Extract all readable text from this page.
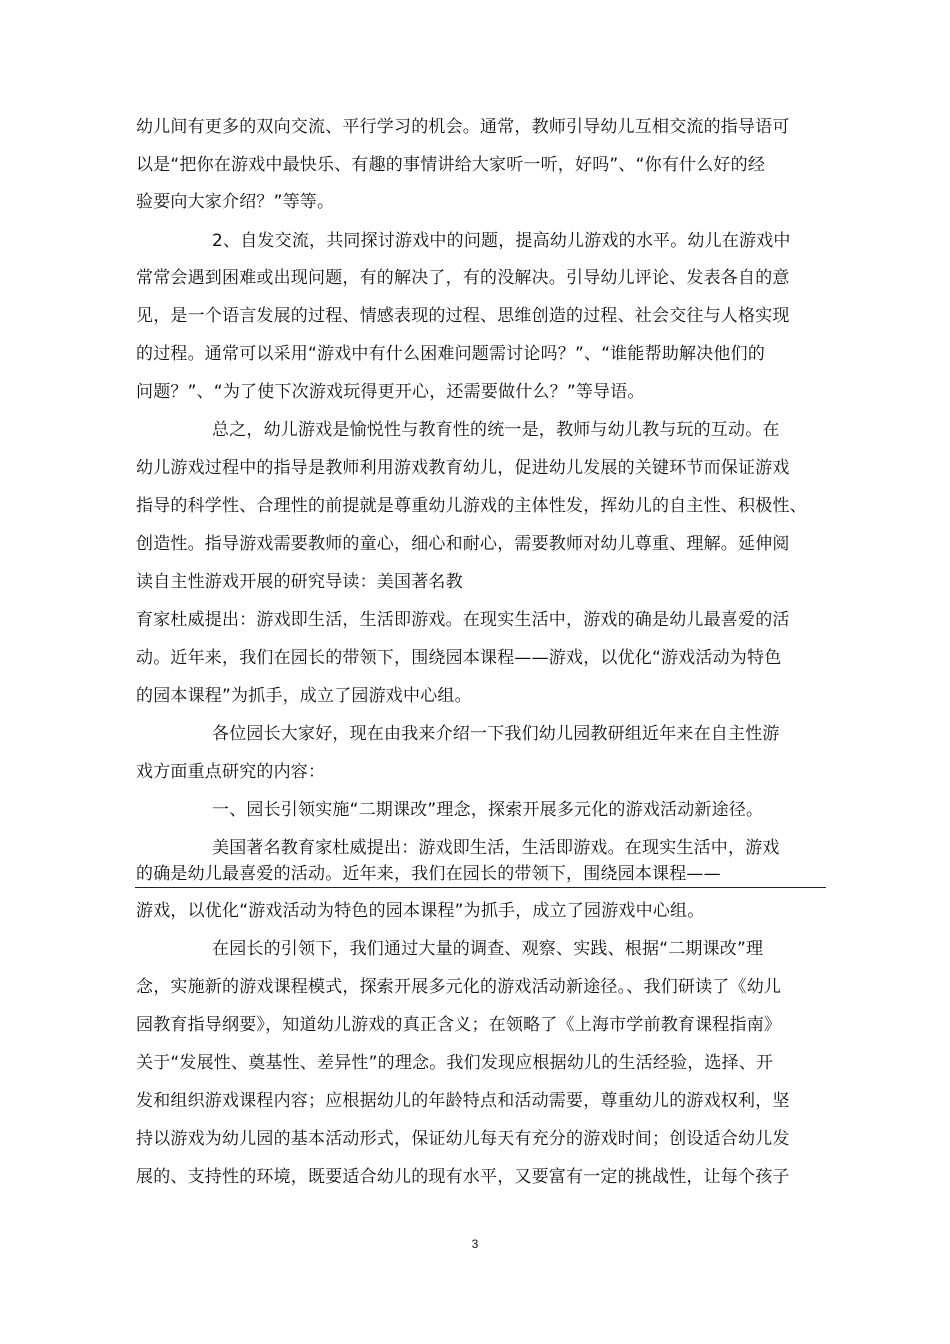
幼儿间有更多的双向交流、平行学习的机会。通常，教师引导幼儿互相交流的指导语可
以是“把你在游戏中最快乐、有趣的事情讲给大家听一听，好吗”、“你有什么好的经
验要向大家介绍？”等等。
2、自发交流，共同探讨游戏中的问题，提高幼儿游戏的水平。幼儿在游戏中
常常会遇到困难或出现问题，有的解决了，有的没解决。引导幼儿评论、发表各自的意
见，是一个语言发展的过程、情感表现的过程、思维创造的过程、社会交往与人格实现
的过程。通常可以采用“游戏中有什么困难问题需讨论吗？”、“谁能帮助解决他们的
问题？”、“为了使下次游戏玩得更开心，还需要做什么？”等导语。
总之，幼儿游戏是愉悦性与教育性的统一是，教师与幼儿教与玩的互动。在
幼儿游戏过程中的指导是教师利用游戏教育幼儿，促进幼儿发展的关键环节而保证游戏
指导的科学性、合理性的前提就是尊重幼儿游戏的主体性发，挥幼儿的自主性、积极性、
创造性。指导游戏需要教师的童心，细心和耐心，需要教师对幼儿尊重、理解。延伸阅
读自主性游戏开展的研究导读：美国著名教
育家杜威提出：游戏即生活，生活即游戏。在现实生活中，游戏的确是幼儿最喜爱的活
动。近年来，我们在园长的带领下，围绕园本课程——游戏，以优化“游戏活动为特色
的园本课程”为抓手，成立了园游戏中心组。
各位园长大家好，现在由我来介绍一下我们幼儿园教研组近年来在自主性游
戏方面重点研究的内容：
一、园长引领实施“二期课改”理念，探索开展多元化的游戏活动新途径。
美国著名教育家杜威提出：游戏即生活，生活即游戏。在现实生活中，游戏
的确是幼儿最喜爱的活动。近年来，我们在园长的带领下，围绕园本课程——
游戏，以优化“游戏活动为特色的园本课程”为抓手，成立了园游戏中心组。
在园长的引领下，我们通过大量的调查、观察、实践、根据“二期课改”理
念，实施新的游戏课程模式，探索开展多元化的游戏活动新途径。、我们研读了《幼儿
园教育指导纲要》，知道幼儿游戏的真正含义；在领略了《上海市学前教育课程指南》
关于“发展性、奠基性、差异性”的理念。我们发现应根据幼儿的生活经验，选择、开
发和组织游戏课程内容；应根据幼儿的年龄特点和活动需要，尊重幼儿的游戏权利，坚
持以游戏为幼儿园的基本活动形式，保证幼儿每天有充分的游戏时间；创设适合幼儿发
展的、支持性的环境，既要适合幼儿的现有水平，又要富有一定的挑战性，让每个孩子
3
